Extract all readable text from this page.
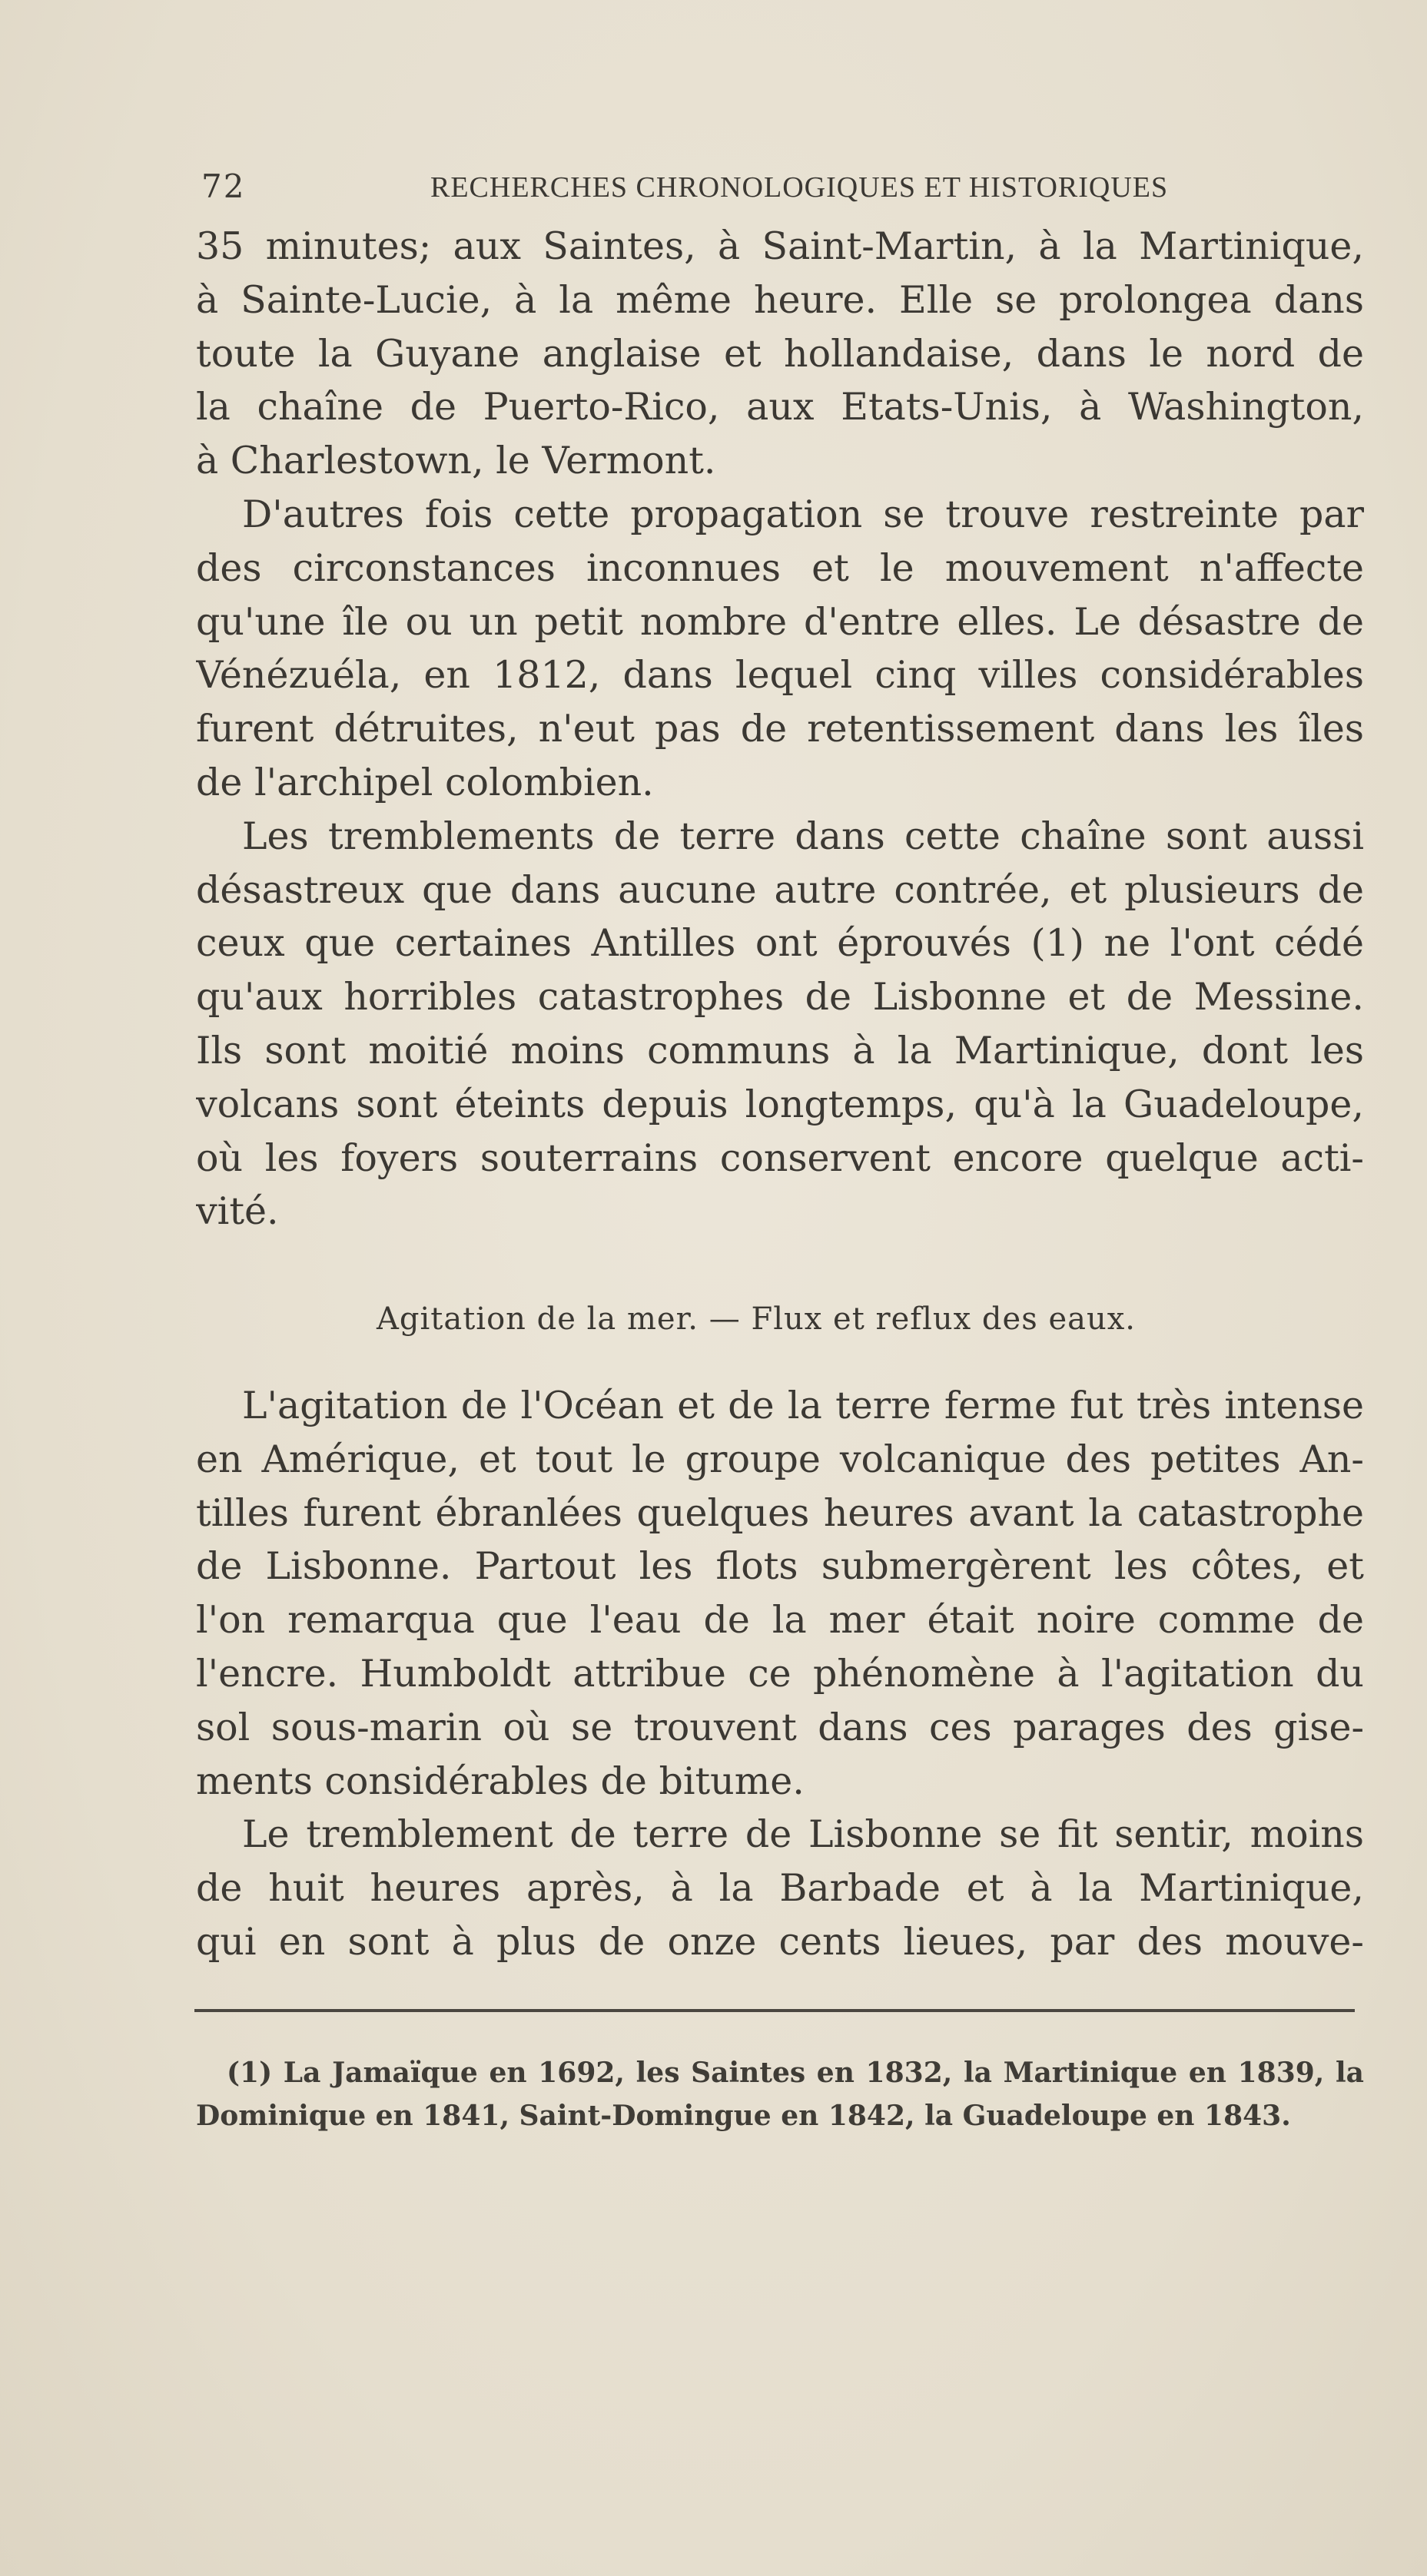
72	RECHERCHES CHRONOLOGIQUES ET HISTORIQUES
35 minutes; aux Saintes, à Saint-Martin, à la Martinique,
à Sainte-Lucie, à la même heure. Elle se prolongea dans
toute la Guyane anglaise et hollandaise, dans le nord de
la chaîne de Puerto-Rico, aux Etats-Unis, à Washington,
à Charlestown, le Vermont.
D'autres fois cette propagation se trouve restreinte par
des circonstances inconnues et le mouvement n'affecte
qu'une île ou un petit nombre d'entre elles. Le désastre de
Vénézuéla, en 1812, dans lequel cinq villes considérables
furent détruites, n'eut pas de retentissement dans les îles
de l'archipel colombien.
Les tremblements de terre dans cette chaîne sont aussi
désastreux que dans aucune autre contrée, et plusieurs de
ceux que certaines Antilles ont éprouvés (1) ne l'ont cédé
qu'aux horribles catastrophes de Lisbonne et de Messine.
Ils sont moitié moins communs à la Martinique, dont les
volcans sont éteints depuis longtemps, qu'à la Guadeloupe,
où les foyers souterrains conservent encore quelque acti-
vité.
Agitation de la mer. — Flux et reflux des eaux.
L'agitation de l'Océan et de la terre ferme fut très intense
en Amérique, et tout le groupe volcanique des petites An-
tilles furent ébranlées quelques heures avant la catastrophe
de Lisbonne. Partout les flots submergèrent les côtes, et
l'on remarqua que l'eau de la mer était noire comme de
l'encre. Humboldt attribue ce phénomène à l'agitation du
sol sous-marin où se trouvent dans ces parages des gise-
ments considérables de bitume.
Le tremblement de terre de Lisbonne se fit sentir, moins
de huit heures après, à la Barbade et à la Martinique,
qui en sont à plus de onze cents lieues, par des mouve-
(1) La Jamaïque en 1692, les Saintes en 1832, la Martinique en 1839, la
Dominique en 1841, Saint-Domingue en 1842, la Guadeloupe en 1843.
